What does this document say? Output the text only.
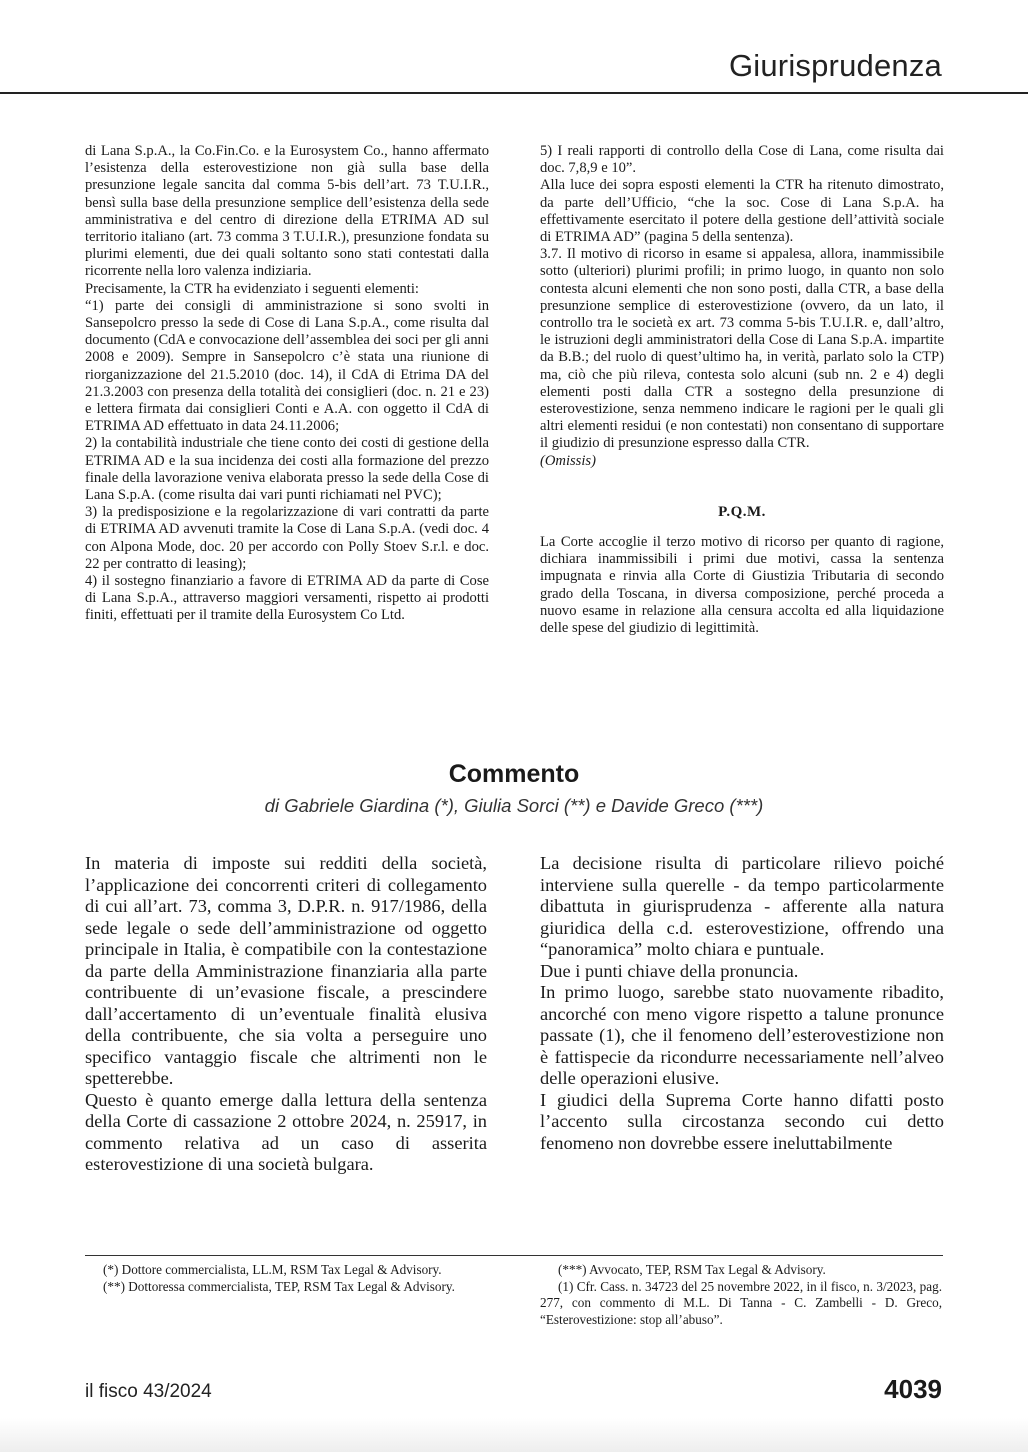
Giurisprudenza

di Lana S.p.A., la Co.Fin.Co. e la Eurosystem Co., hanno affermato l’esistenza della esterovestizione non già sulla base della presunzione legale sancita dal comma 5-bis dell’art. 73 T.U.I.R., bensì sulla base della presunzione semplice dell’esistenza della sede amministrativa e del centro di direzione della ETRIMA AD sul territorio italiano (art. 73 comma 3 T.U.I.R.), presunzione fondata su plurimi elementi, due dei quali soltanto sono stati contestati dalla ricorrente nella loro valenza indiziaria.

Precisamente, la CTR ha evidenziato i seguenti elementi:

“1) parte dei consigli di amministrazione si sono svolti in Sansepolcro presso la sede di Cose di Lana S.p.A., come risulta dal documento (CdA e convocazione dell’assemblea dei soci per gli anni 2008 e 2009). Sempre in Sansepolcro c’è stata una riunione di riorganizzazione del 21.5.2010 (doc. 14), il CdA di Etrima DA del 21.3.2003 con presenza della totalità dei consiglieri (doc. n. 21 e 23) e lettera firmata dai consiglieri Conti e A.A. con oggetto il CdA di ETRIMA AD effettuato in data 24.11.2006;

2) la contabilità industriale che tiene conto dei costi di gestione della ETRIMA AD e la sua incidenza dei costi alla formazione del prezzo finale della lavorazione veniva elaborata presso la sede della Cose di Lana S.p.A. (come risulta dai vari punti richiamati nel PVC);

3) la predisposizione e la regolarizzazione di vari contratti da parte di ETRIMA AD avvenuti tramite la Cose di Lana S.p.A. (vedi doc. 4 con Alpona Mode, doc. 20 per accordo con Polly Stoev S.r.l. e doc. 22 per contratto di leasing);

4) il sostegno finanziario a favore di ETRIMA AD da parte di Cose di Lana S.p.A., attraverso maggiori versamenti, rispetto ai prodotti finiti, effettuati per il tramite della Eurosystem Co Ltd.

5) I reali rapporti di controllo della Cose di Lana, come risulta dai doc. 7,8,9 e 10”.

Alla luce dei sopra esposti elementi la CTR ha ritenuto dimostrato, da parte dell’Ufficio, “che la soc. Cose di Lana S.p.A. ha effettivamente esercitato il potere della gestione dell’attività sociale di ETRIMA AD” (pagina 5 della sentenza).

3.7. Il motivo di ricorso in esame si appalesa, allora, inammissibile sotto (ulteriori) plurimi profili; in primo luogo, in quanto non solo contesta alcuni elementi che non sono posti, dalla CTR, a base della presunzione semplice di esterovestizione (ovvero, da un lato, il controllo tra le società ex art. 73 comma 5-bis T.U.I.R. e, dall’altro, le istruzioni degli amministratori della Cose di Lana S.p.A. impartite da B.B.; del ruolo di quest’ultimo ha, in verità, parlato solo la CTP) ma, ciò che più rileva, contesta solo alcuni (sub nn. 2 e 4) degli elementi posti dalla CTR a sostegno della presunzione di esterovestizione, senza nemmeno indicare le ragioni per le quali gli altri elementi residui (e non contestati) non consentano di supportare il giudizio di presunzione espresso dalla CTR.

(Omissis)

P.Q.M.

La Corte accoglie il terzo motivo di ricorso per quanto di ragione, dichiara inammissibili i primi due motivi, cassa la sentenza impugnata e rinvia alla Corte di Giustizia Tributaria di secondo grado della Toscana, in diversa composizione, perché proceda a nuovo esame in relazione alla censura accolta ed alla liquidazione delle spese del giudizio di legittimità.

Commento
di Gabriele Giardina (*), Giulia Sorci (**) e Davide Greco (***)

In materia di imposte sui redditi della società, l’applicazione dei concorrenti criteri di collegamento di cui all’art. 73, comma 3, D.P.R. n. 917/1986, della sede legale o sede dell’amministrazione od oggetto principale in Italia, è compatibile con la contestazione da parte della Amministrazione finanziaria alla parte contribuente di un’evasione fiscale, a prescindere dall’accertamento di un’eventuale finalità elusiva della contribuente, che sia volta a perseguire uno specifico vantaggio fiscale che altrimenti non le spetterebbe.

Questo è quanto emerge dalla lettura della sentenza della Corte di cassazione 2 ottobre 2024, n. 25917, in commento relativa ad un caso di asserita esterovestizione di una società bulgara.

La decisione risulta di particolare rilievo poiché interviene sulla querelle - da tempo particolarmente dibattuta in giurisprudenza - afferente alla natura giuridica della c.d. esterovestizione, offrendo una “panoramica” molto chiara e puntuale.

Due i punti chiave della pronuncia.

In primo luogo, sarebbe stato nuovamente ribadito, ancorché con meno vigore rispetto a talune pronunce passate (1), che il fenomeno dell’esterovestizione non è fattispecie da ricondurre necessariamente nell’alveo delle operazioni elusive.

I giudici della Suprema Corte hanno difatti posto l’accento sulla circostanza secondo cui detto fenomeno non dovrebbe essere ineluttabilmente

(*) Dottore commercialista, LL.M, RSM Tax Legal & Advisory.

(**) Dottoressa commercialista, TEP, RSM Tax Legal & Advisory.

(***) Avvocato, TEP, RSM Tax Legal & Advisory.

(1) Cfr. Cass. n. 34723 del 25 novembre 2022, in il fisco, n. 3/2023, pag. 277, con commento di M.L. Di Tanna - C. Zambelli - D. Greco, “Esterovestizione: stop all’abuso”.

il fisco 43/2024	4039
